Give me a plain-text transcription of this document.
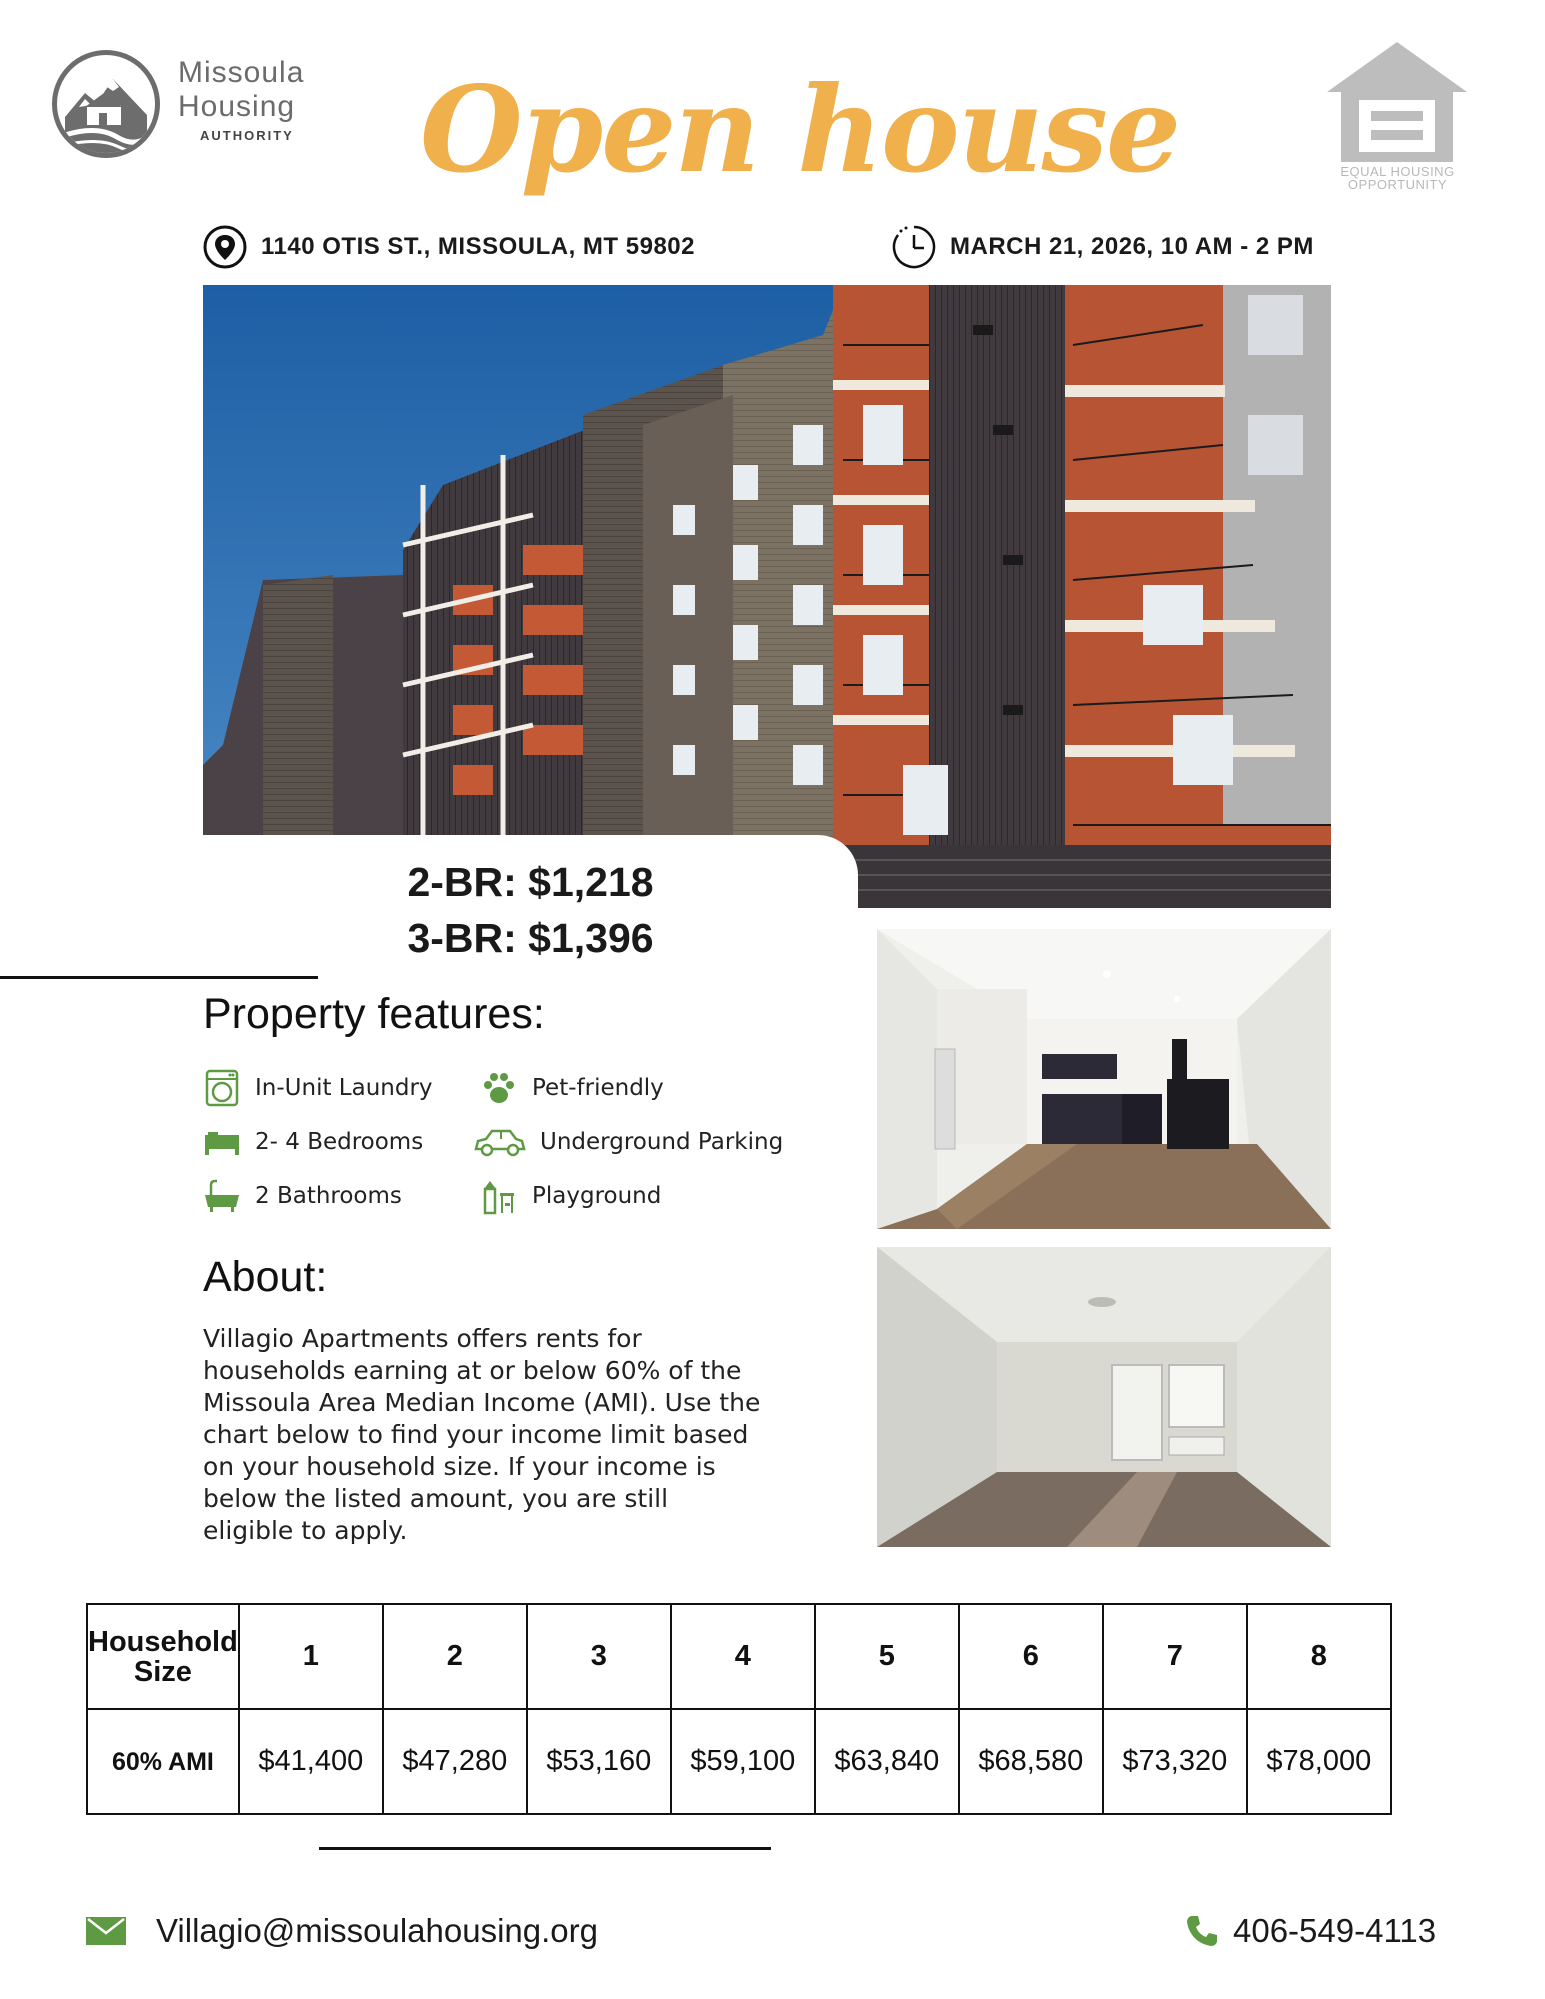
Missoula
Housing
AUTHORITY Open house	EQUAL HOUSING
OPPORTUNITY
1140 OTIS ST., MISSOULA, MT 59802	MARCH 21, 2026, 10 AM - 2 PM
2-BR: $1,218
3-BR: $1,396
Property features:
In-Unit Laundry	Pet-friendly
2- 4 Bedrooms	Underground Parking
2 Bathrooms	Playground
About:

Villagio Apartments offers rents for households earning at or below 60% of the Missoula Area Median Income (AMI). Use the chart below to find your income limit based on your household size. If your income is below the listed amount, you are still eligible to apply.

Household Size	1	2	3	4	5	6	7	8
60% AMI	$41,400	$47,280	$53,160	$59,100	$63,840	$68,580	$73,320	$78,000
Villagio@missoulahousing.org	406-549-4113
